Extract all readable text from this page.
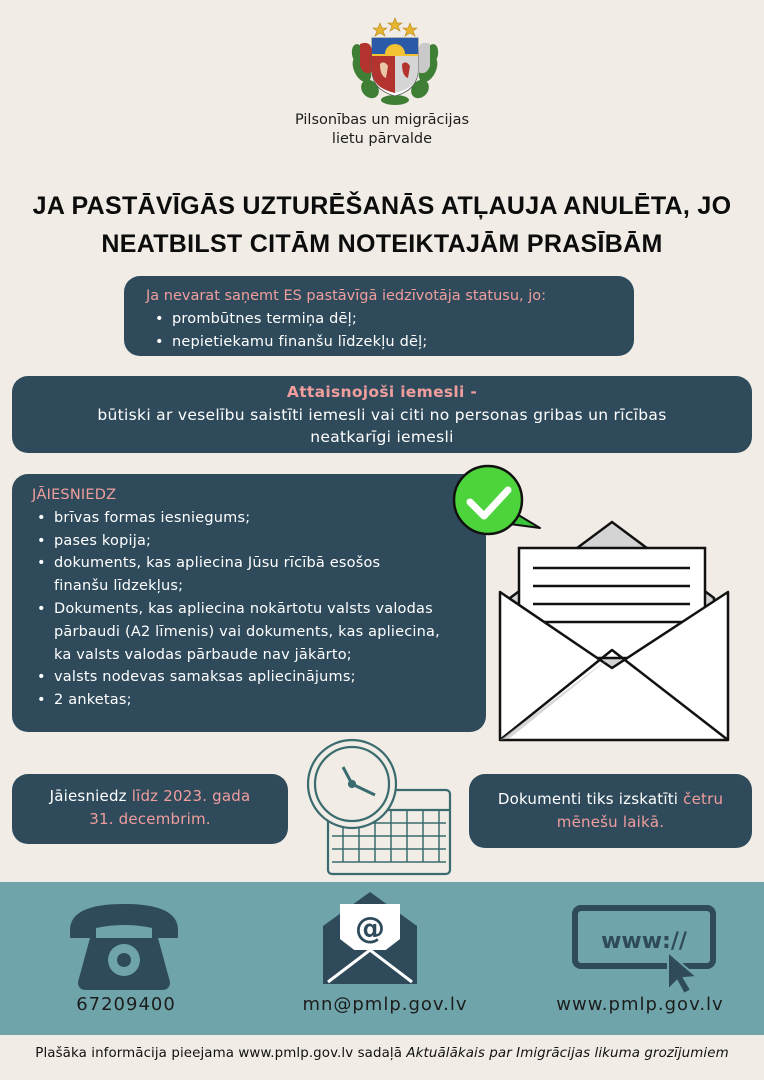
Pilsonības un migrācijas
lietu pārvalde
JA PASTĀVĪGĀS UZTURĒŠANĀS ATĻAUJA ANULĒTA, JO
NEATBILST CITĀM NOTEIKTAJĀM PRASĪBĀM
Ja nevarat saņemt ES pastāvīgā iedzīvotāja statusu, jo:
• prombūtnes termiņa dēļ;
• nepietiekamu finanšu līdzekļu dēļ;
Attaisnojoši iemesli -
būtiski ar veselību saistīti iemesli vai citi no personas gribas un rīcības
neatkarīgi iemesli
JĀIESNIEDZ
• brīvas formas iesniegums;
• pases kopija;
• dokuments, kas apliecina Jūsu rīcībā esošos
finanšu līdzekļus;
• Dokuments, kas apliecina nokārtotu valsts valodas
pārbaudi (A2 līmenis) vai dokuments, kas apliecina,
ka valsts valodas pārbaude nav jākārto;
• valsts nodevas samaksas apliecinājums;
• 2 anketas;
Jāiesniedz līdz 2023. gada
31. decembrim.
Dokumenti tiks izskatīti četru
mēnešu laikā.
@	www://
67209400	mn@pmlp.gov.lv	www.pmlp.gov.lv
Plašāka informācija pieejama www.pmlp.gov.lv sadaļā Aktuālākais par Imigrācijas likuma grozījumiem
